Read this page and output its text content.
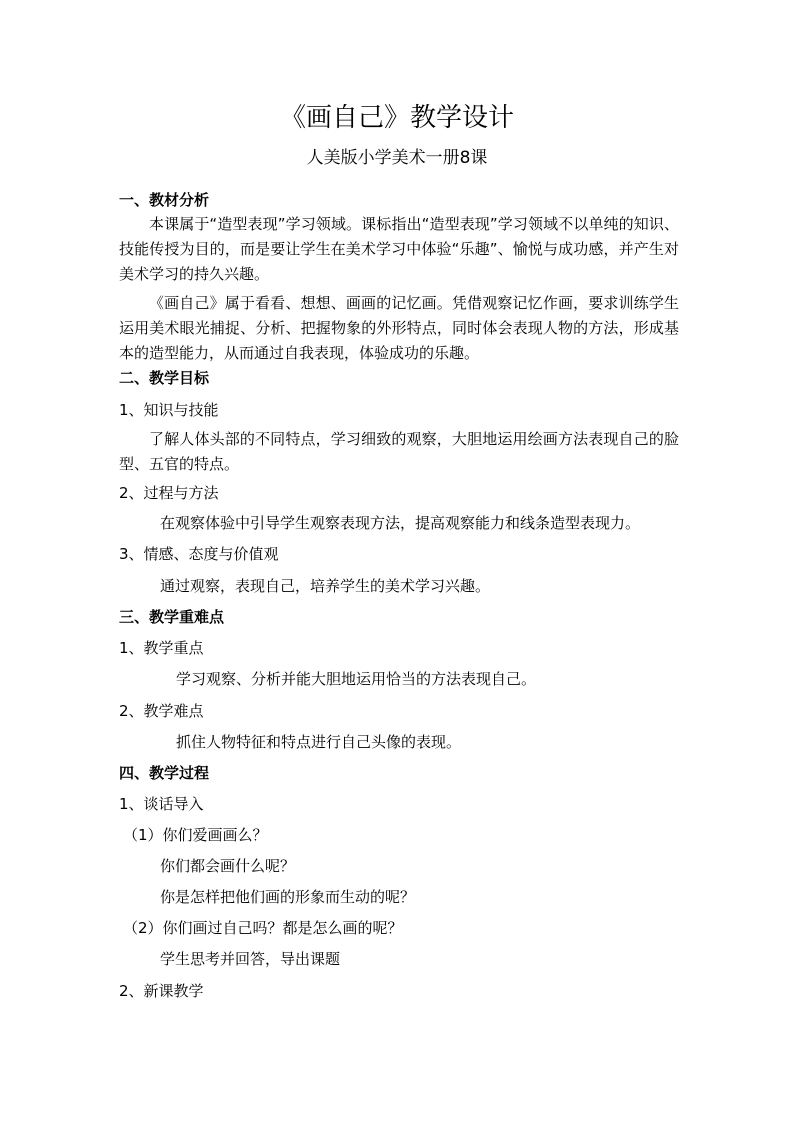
《画自己》教学设计
人美版小学美术一册8课
一、教材分析
本课属于“造型表现”学习领域。课标指出“造型表现”学习领域不以单纯的知识、技能传授为目的，而是要让学生在美术学习中体验“乐趣”、愉悦与成功感，并产生对美术学习的持久兴趣。
《画自己》属于看看、想想、画画的记忆画。凭借观察记忆作画，要求训练学生运用美术眼光捕捉、分析、把握物象的外形特点，同时体会表现人物的方法，形成基本的造型能力，从而通过自我表现，体验成功的乐趣。
二、教学目标
1、知识与技能
了解人体头部的不同特点，学习细致的观察，大胆地运用绘画方法表现自己的脸型、五官的特点。
2、过程与方法
在观察体验中引导学生观察表现方法，提高观察能力和线条造型表现力。
3、情感、态度与价值观
通过观察，表现自己，培养学生的美术学习兴趣。
三、教学重难点
1、教学重点
学习观察、分析并能大胆地运用恰当的方法表现自己。
2、教学难点
抓住人物特征和特点进行自己头像的表现。
四、教学过程
1、谈话导入
（1）你们爱画画么？
你们都会画什么呢？
你是怎样把他们画的形象而生动的呢？
（2）你们画过自己吗？都是怎么画的呢？
学生思考并回答，导出课题
2、新课教学
